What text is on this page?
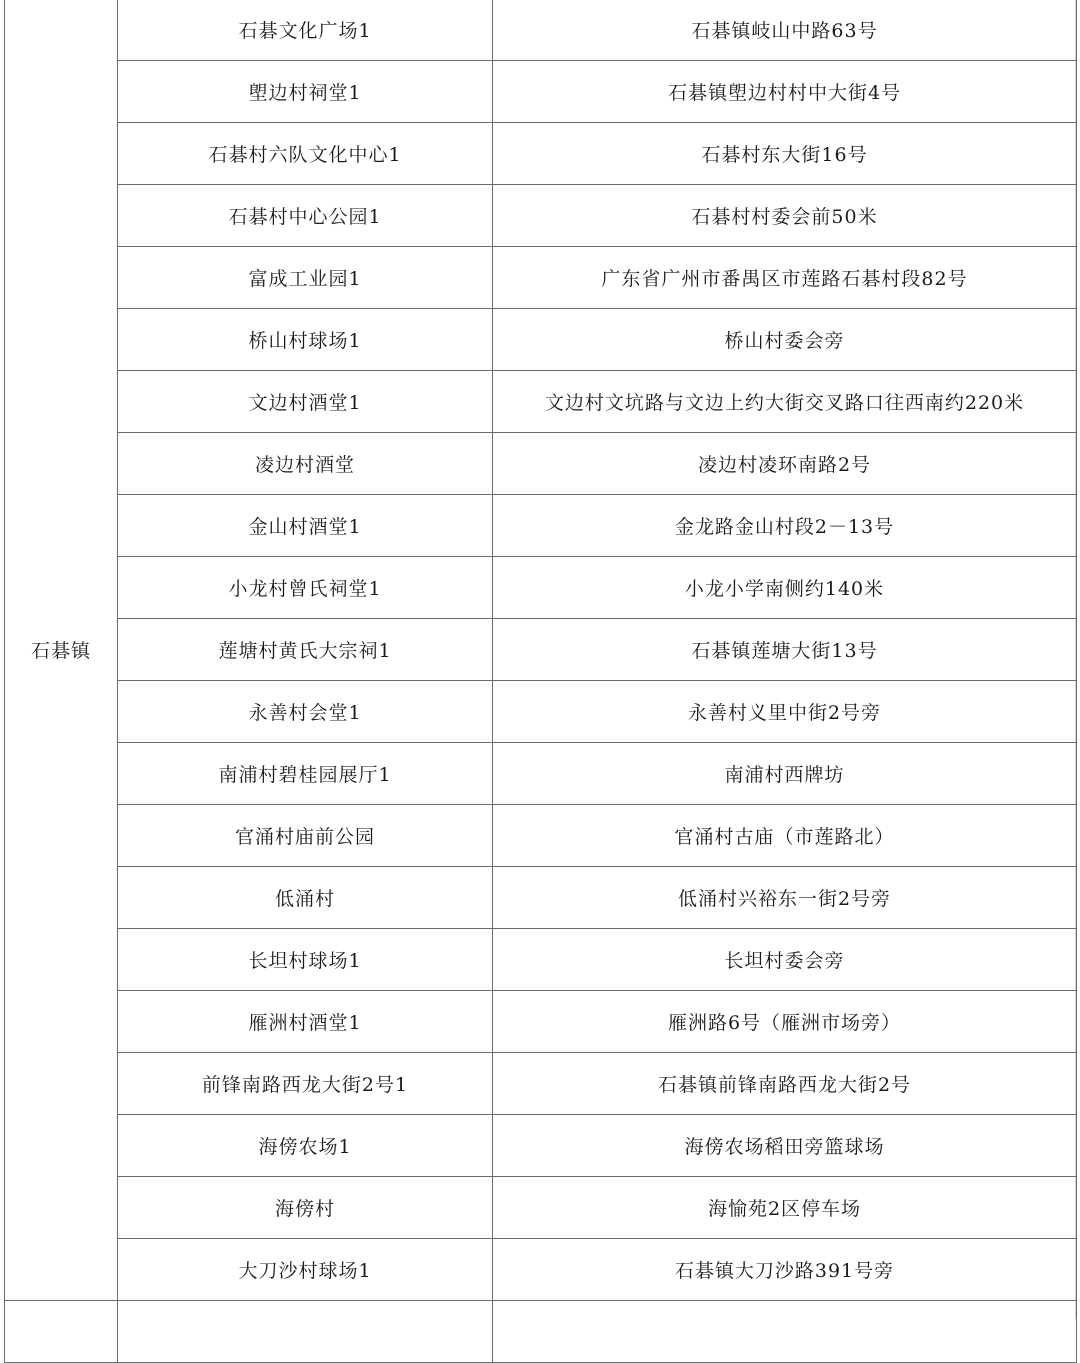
石碁镇	石碁文化广场1	石碁镇岐山中路63号
	塱边村祠堂1	石碁镇塱边村村中大街4号
	石碁村六队文化中心1	石碁村东大街16号
	石碁村中心公园1	石碁村村委会前50米
	富成工业园1	广东省广州市番禺区市莲路石碁村段82号
	桥山村球场1	桥山村委会旁
	文边村酒堂1	文边村文坑路与文边上约大街交叉路口往西南约220米
	凌边村酒堂	凌边村凌环南路2号
	金山村酒堂1	金龙路金山村段2－13号
	小龙村曾氏祠堂1	小龙小学南侧约140米
	莲塘村黄氏大宗祠1	石碁镇莲塘大街13号
	永善村会堂1	永善村义里中街2号旁
	南浦村碧桂园展厅1	南浦村西牌坊
	官涌村庙前公园	官涌村古庙（市莲路北）
	低涌村	低涌村兴裕东一街2号旁
	长坦村球场1	长坦村委会旁
	雁洲村酒堂1	雁洲路6号（雁洲市场旁）
	前锋南路西龙大街2号1	石碁镇前锋南路西龙大街2号
	海傍农场1	海傍农场稻田旁篮球场
	海傍村	海愉苑2区停车场
	大刀沙村球场1	石碁镇大刀沙路391号旁
